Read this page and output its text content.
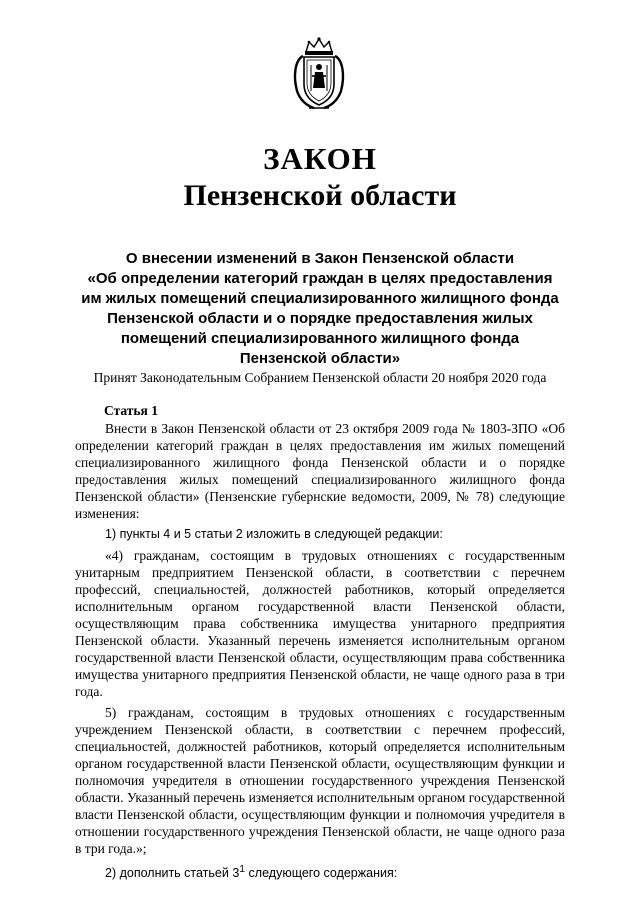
ЗАКОН
Пензенской области
О внесении изменений в Закон Пензенской области
«Об определении категорий граждан в целях предоставления
им жилых помещений специализированного жилищного фонда
Пензенской области и о порядке предоставления жилых
помещений специализированного жилищного фонда
Пензенской области»
Принят Законодательным Собранием Пензенской области 20 ноября 2020 года
Статья 1

Внести в Закон Пензенской области от 23 октября 2009 года № 1803-ЗПО «Об определении категорий граждан в целях предоставления им жилых помещений специализированного жилищного фонда Пензенской области и о порядке предоставления жилых помещений специализированного жилищного фонда Пензенской области» (Пензенские губернские ведомости, 2009, № 78) следующие изменения:

1) пункты 4 и 5 статьи 2 изложить в следующей редакции:

«4) гражданам, состоящим в трудовых отношениях с государственным унитарным предприятием Пензенской области, в соответствии с перечнем профессий, специальностей, должностей работников, который определяется исполнительным органом государственной власти Пензенской области, осуществляющим права собственника имущества унитарного предприятия Пензенской области. Указанный перечень изменяется исполнительным органом государственной власти Пензенской области, осуществляющим права собственника имущества унитарного предприятия Пензенской области, не чаще одного раза в три года.

5) гражданам, состоящим в трудовых отношениях с государственным учреждением Пензенской области, в соответствии с перечнем профессий, специальностей, должностей работников, который определяется исполнительным органом государственной власти Пензенской области, осуществляющим функции и полномочия учредителя в отношении государственного учреждения Пензенской области. Указанный перечень изменяется исполнительным органом государственной власти Пензенской области, осуществляющим функции и полномочия учредителя в отношении государственного учреждения Пензенской области, не чаще одного раза в три года.»;

2) дополнить статьей $3^1$ следующего содержания:
